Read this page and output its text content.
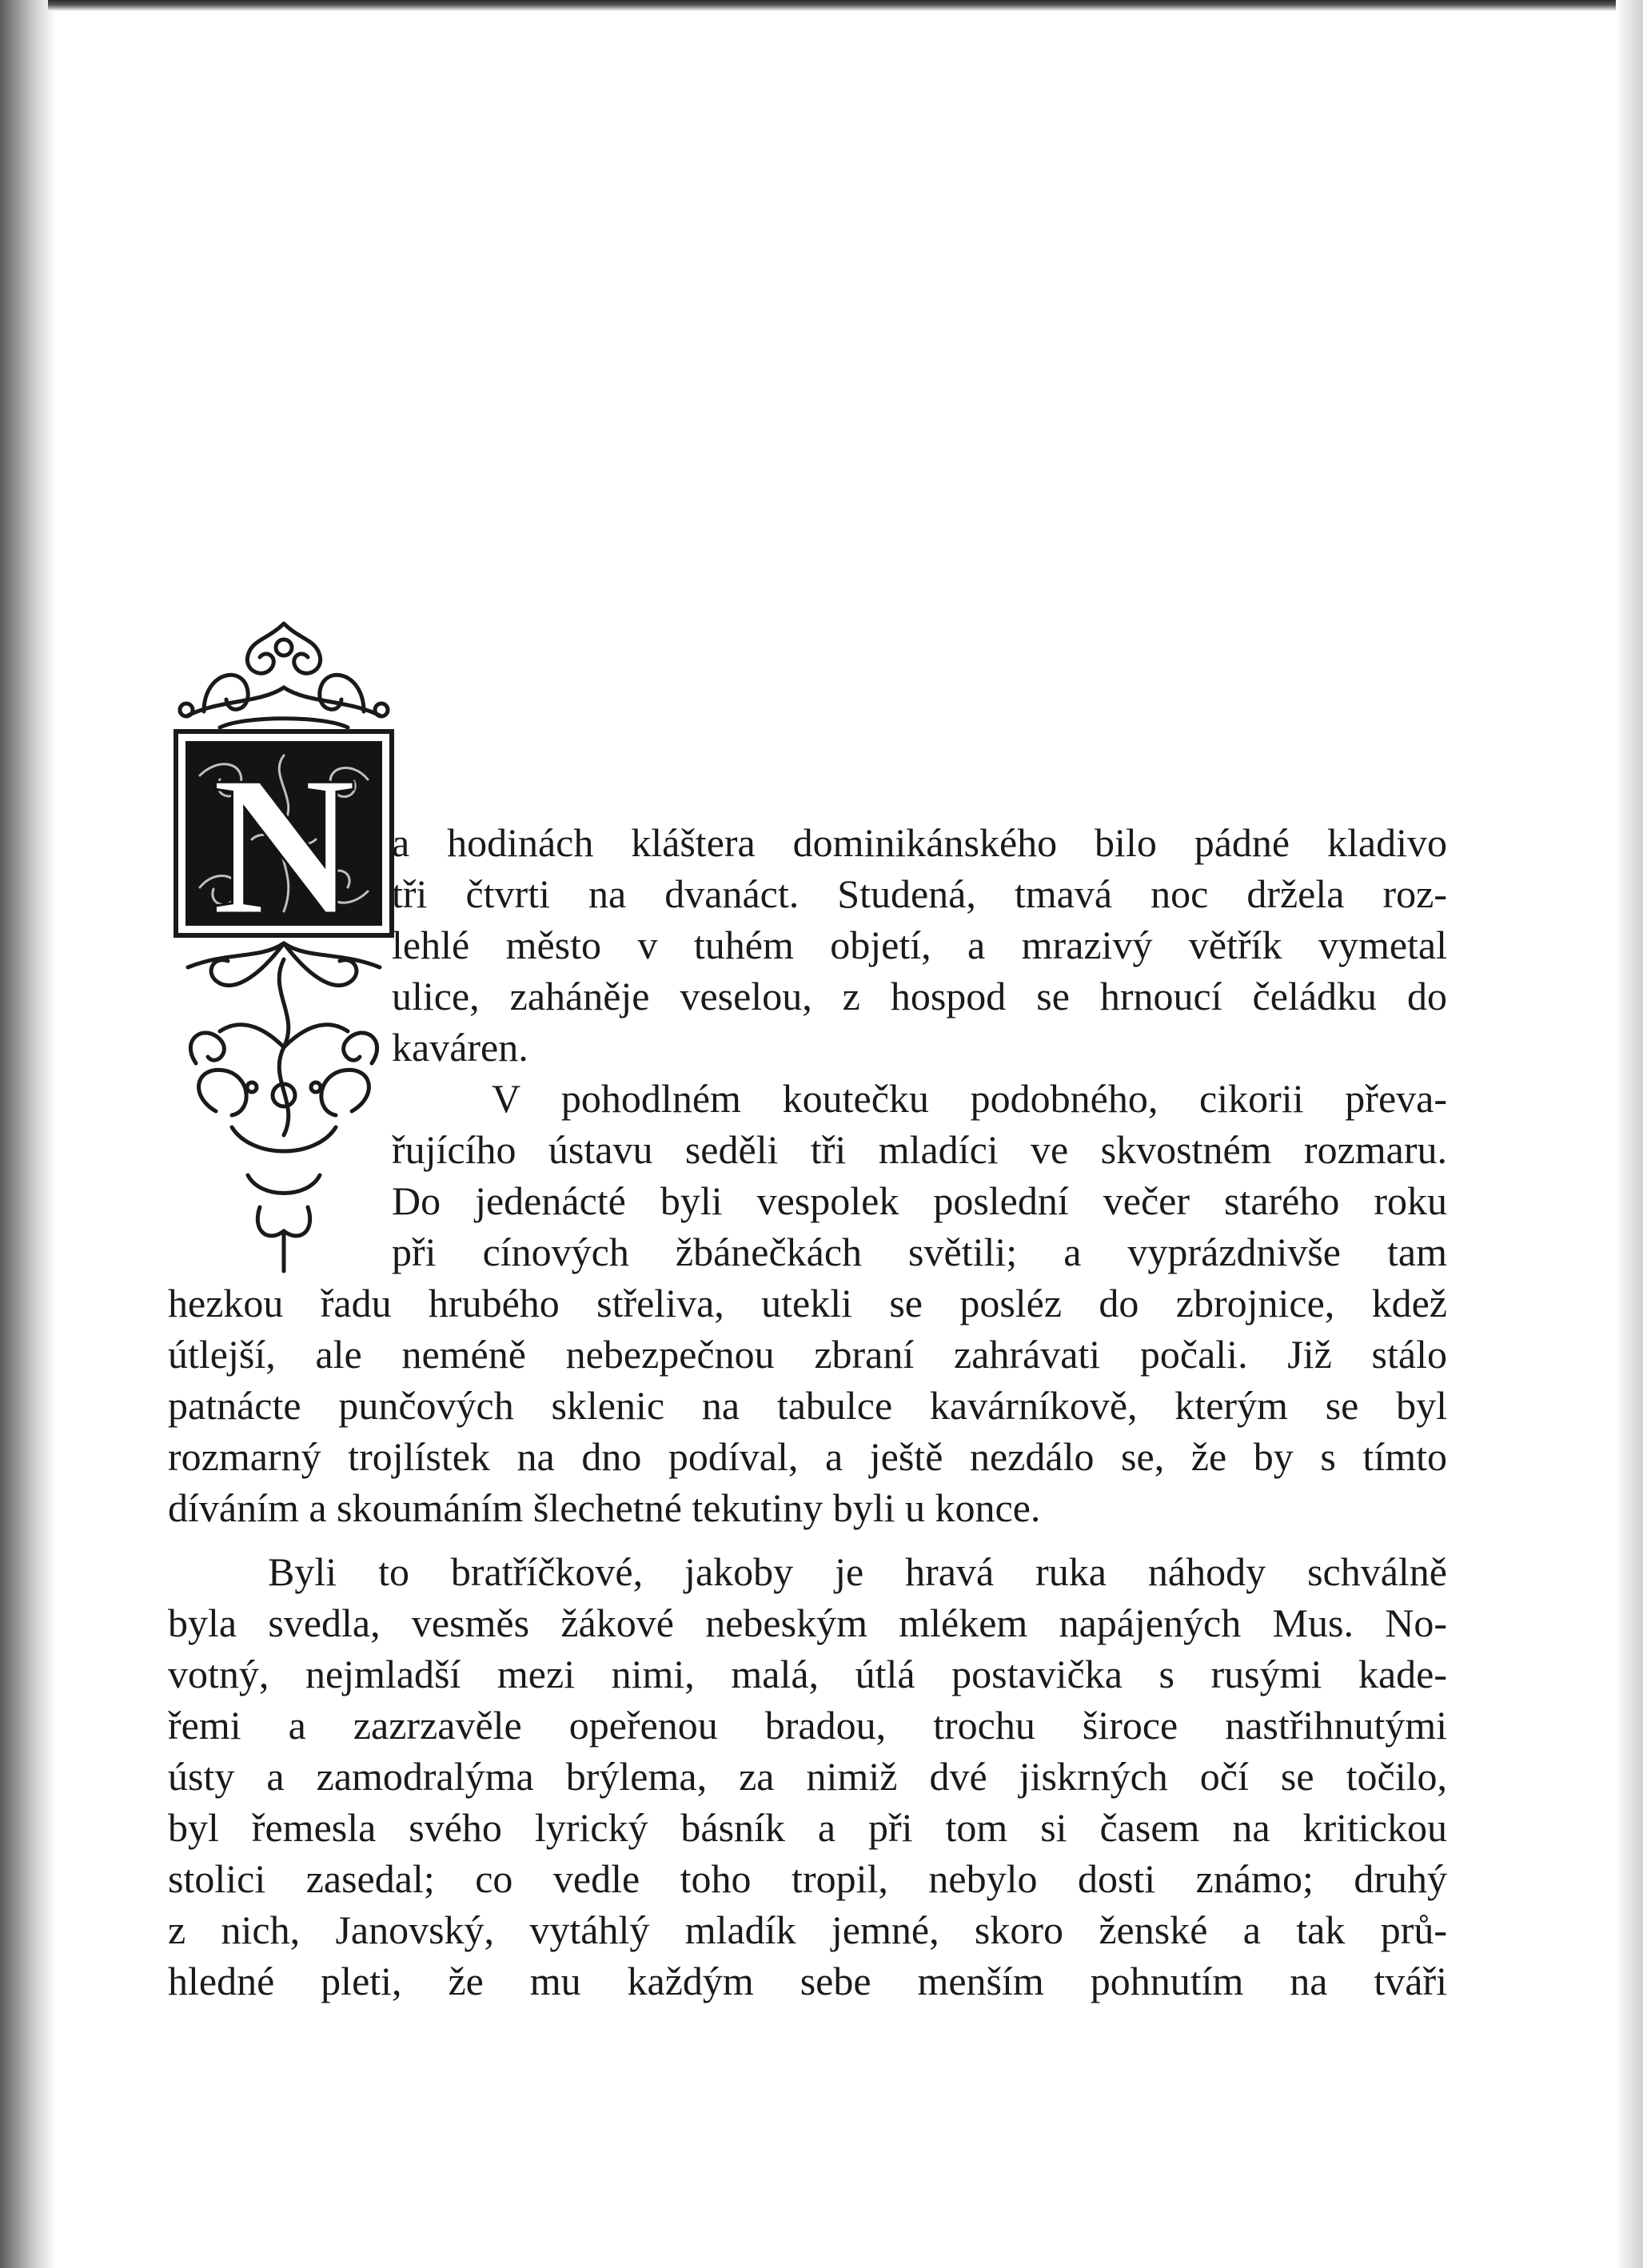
N a hodinách kláštera dominikánského bilo pádné kladivo
tři čtvrti na dvanáct. Studená, tmavá noc držela roz-
lehlé město v tuhém objetí, a mrazivý větřík vymetal
ulice, zaháněje veselou, z hospod se hrnoucí čeládku do
kaváren.
V pohodlném koutečku podobného, cikorii převa-
řujícího ústavu seděli tři mladíci ve skvostném rozmaru.
Do jedenácté byli vespolek poslední večer starého roku
při cínových žbánečkách světili; a vyprázdnivše tam
hezkou řadu hrubého střeliva, utekli se posléz do zbrojnice, kdež
útlejší, ale neméně nebezpečnou zbraní zahrávati počali. Již stálo
patnácte punčových sklenic na tabulce kavárníkově, kterým se byl
rozmarný trojlístek na dno podíval, a ještě nezdálo se, že by s tímto
díváním a skoumáním šlechetné tekutiny byli u konce.
Byli to bratříčkové, jakoby je hravá ruka náhody schválně
byla svedla, vesměs žákové nebeským mlékem napájených Mus. No-
votný, nejmladší mezi nimi, malá, útlá postavička s rusými kade-
řemi a zazrzavěle opeřenou bradou, trochu široce nastřihnutými
ústy a zamodralýma brýlema, za nimiž dvé jiskrných očí se točilo,
byl řemesla svého lyrický básník a při tom si časem na kritickou
stolici zasedal; co vedle toho tropil, nebylo dosti známo; druhý
z nich, Janovský, vytáhlý mladík jemné, skoro ženské a tak prů-
hledné pleti, že mu každým sebe menším pohnutím na tváři
